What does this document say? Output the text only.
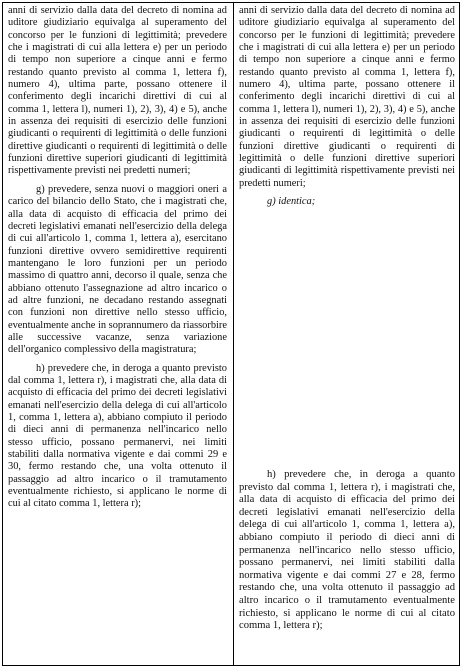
anni di servizio dalla data del decreto di nomina ad uditore giudiziario equivalga al superamento del concorso per le funzioni di legittimità; prevedere che i magistrati di cui alla lettera e) per un periodo di tempo non superiore a cinque anni e fermo restando quanto previsto al comma 1, lettera f), numero 4), ultima parte, possano ottenere il conferimento degli incarichi direttivi di cui al comma 1, lettera l), numeri 1), 2), 3), 4) e 5), anche in assenza dei requisiti di esercizio delle funzioni giudicanti o requirenti di legittimità o delle funzioni direttive giudicanti o requirenti di legittimità o delle funzioni direttive superiori giudicanti di legittimità rispettivamente previsti nei predetti numeri;

g) prevedere, senza nuovi o maggiori oneri a carico del bilancio dello Stato, che i magistrati che, alla data di acquisto di efficacia del primo dei decreti legislativi emanati nell'esercizio della delega di cui all'articolo 1, comma 1, lettera a), esercitano funzioni direttive ovvero semidirettive requirenti mantengano le loro funzioni per un periodo massimo di quattro anni, decorso il quale, senza che abbiano ottenuto l'assegnazione ad altro incarico o ad altre funzioni, ne decadano restando assegnati con funzioni non direttive nello stesso ufficio, eventualmente anche in soprannumero da riassorbire alle successive vacanze, senza variazione dell'organico complessivo della magistratura;

h) prevedere che, in deroga a quanto previsto dal comma 1, lettera r), i magistrati che, alla data di acquisto di efficacia del primo dei decreti legislativi emanati nell'esercizio della delega di cui all'articolo 1, comma 1, lettera a), abbiano compiuto il periodo di dieci anni di permanenza nell'incarico nello stesso ufficio, possano permanervi, nei limiti stabiliti dalla normativa vigente e dai commi 29 e 30, fermo restando che, una volta ottenuto il passaggio ad altro incarico o il tramutamento eventualmente richiesto, si applicano le norme di cui al citato comma 1, lettera r);

anni di servizio dalla data del decreto di nomina ad uditore giudiziario equivalga al superamento del concorso per le funzioni di legittimità; prevedere che i magistrati di cui alla lettera e) per un periodo di tempo non superiore a cinque anni e fermo restando quanto previsto al comma 1, lettera f), numero 4), ultima parte, possano ottenere il conferimento degli incarichi direttivi di cui al comma 1, lettera l), numeri 1), 2), 3), 4) e 5), anche in assenza dei requisiti di esercizio delle funzioni giudicanti o requirenti di legittimità o delle funzioni direttive giudicanti o requirenti di legittimità o delle funzioni direttive superiori giudicanti di legittimità rispettivamente previsti nei predetti numeri;

g) identica;

h) prevedere che, in deroga a quanto previsto dal comma 1, lettera r), i magistrati che, alla data di acquisto di efficacia del primo dei decreti legislativi emanati nell'esercizio della delega di cui all'articolo 1, comma 1, lettera a), abbiano compiuto il periodo di dieci anni di permanenza nell'incarico nello stesso ufficio, possano permanervi, nei limiti stabiliti dalla normativa vigente e dai commi 27 e 28, fermo restando che, una volta ottenuto il passaggio ad altro incarico o il tramutamento eventualmente richiesto, si applicano le norme di cui al citato comma 1, lettera r);
